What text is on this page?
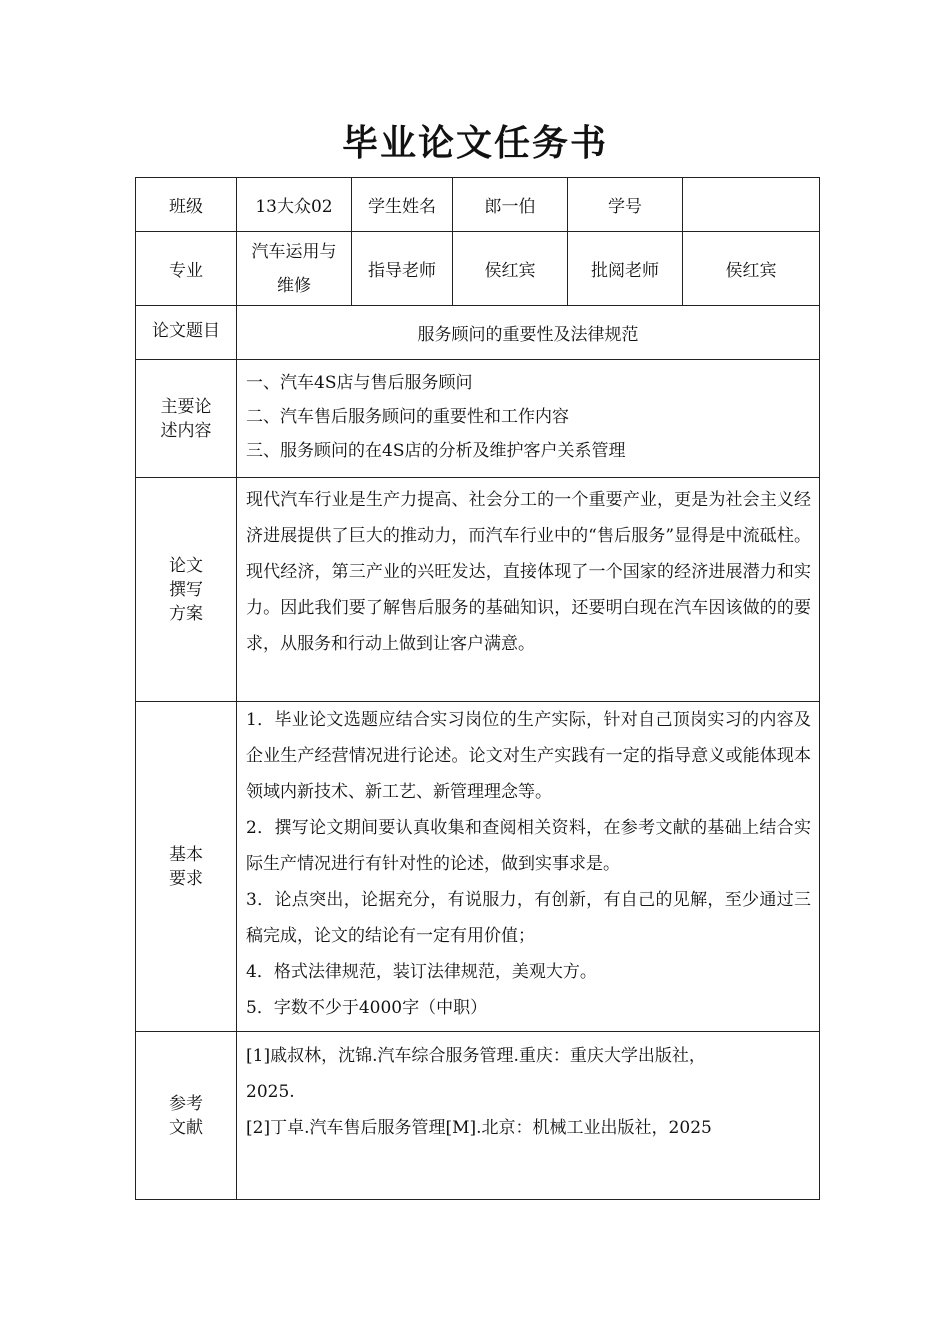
毕业论文任务书
班级	13大众02	学生姓名	郎一伯	学号	
专业	汽车运用与维修	指导老师	侯红宾	批阅老师	侯红宾
论文题目	服务顾问的重要性及法律规范				
主要论述内容	一、汽车4S店与售后服务顾问
二、汽车售后服务顾问的重要性和工作内容
三、服务顾问的在4S店的分析及维护客户关系管理				

论文撰写方案	现代汽车行业是生产力提高、社会分工的一个重要产业，更是为社会主义经济进展提供了巨大的推动力，而汽车行业中的“售后服务”显得是中流砥柱。现代经济，第三产业的兴旺发达，直接体现了一个国家的经济进展潜力和实力。因此我们要了解售后服务的基础知识，还要明白现在汽车因该做的的要求，从服务和行动上做到让客户满意。				
基本要求	1．毕业论文选题应结合实习岗位的生产实际，针对自己顶岗实习的内容及企业生产经营情况进行论述。论文对生产实践有一定的指导意义或能体现本领域内新技术、新工艺、新管理理念等。
2．撰写论文期间要认真收集和查阅相关资料，在参考文献的基础上结合实际生产情况进行有针对性的论述，做到实事求是。
3．论点突出，论据充分，有说服力，有创新，有自己的见解，至少通过三稿完成，论文的结论有一定有用价值；
4．格式法律规范，装订法律规范，美观大方。
5．字数不少于4000字（中职）				

参考文献	[1]戚叔林，沈锦.汽车综合服务管理.重庆：重庆大学出版社，2025.
[2]丁卓.汽车售后服务管理[M].北京：机械工业出版社，2025				
